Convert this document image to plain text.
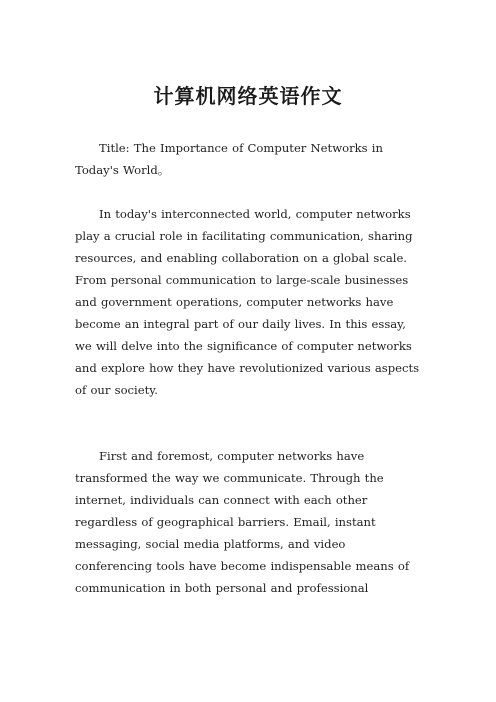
计算机网络英语作文

Title: The Importance of Computer Networks in Today's World。

In today's interconnected world, computer networks play a crucial role in facilitating communication, sharing resources, and enabling collaboration on a global scale. From personal communication to large-scale businesses and government operations, computer networks have become an integral part of our daily lives. In this essay, we will delve into the significance of computer networks and explore how they have revolutionized various aspects of our society.

First and foremost, computer networks have transformed the way we communicate. Through the internet, individuals can connect with each other regardless of geographical barriers. Email, instant messaging, social media platforms, and video conferencing tools have become indispensable means of communication in both personal and professional
